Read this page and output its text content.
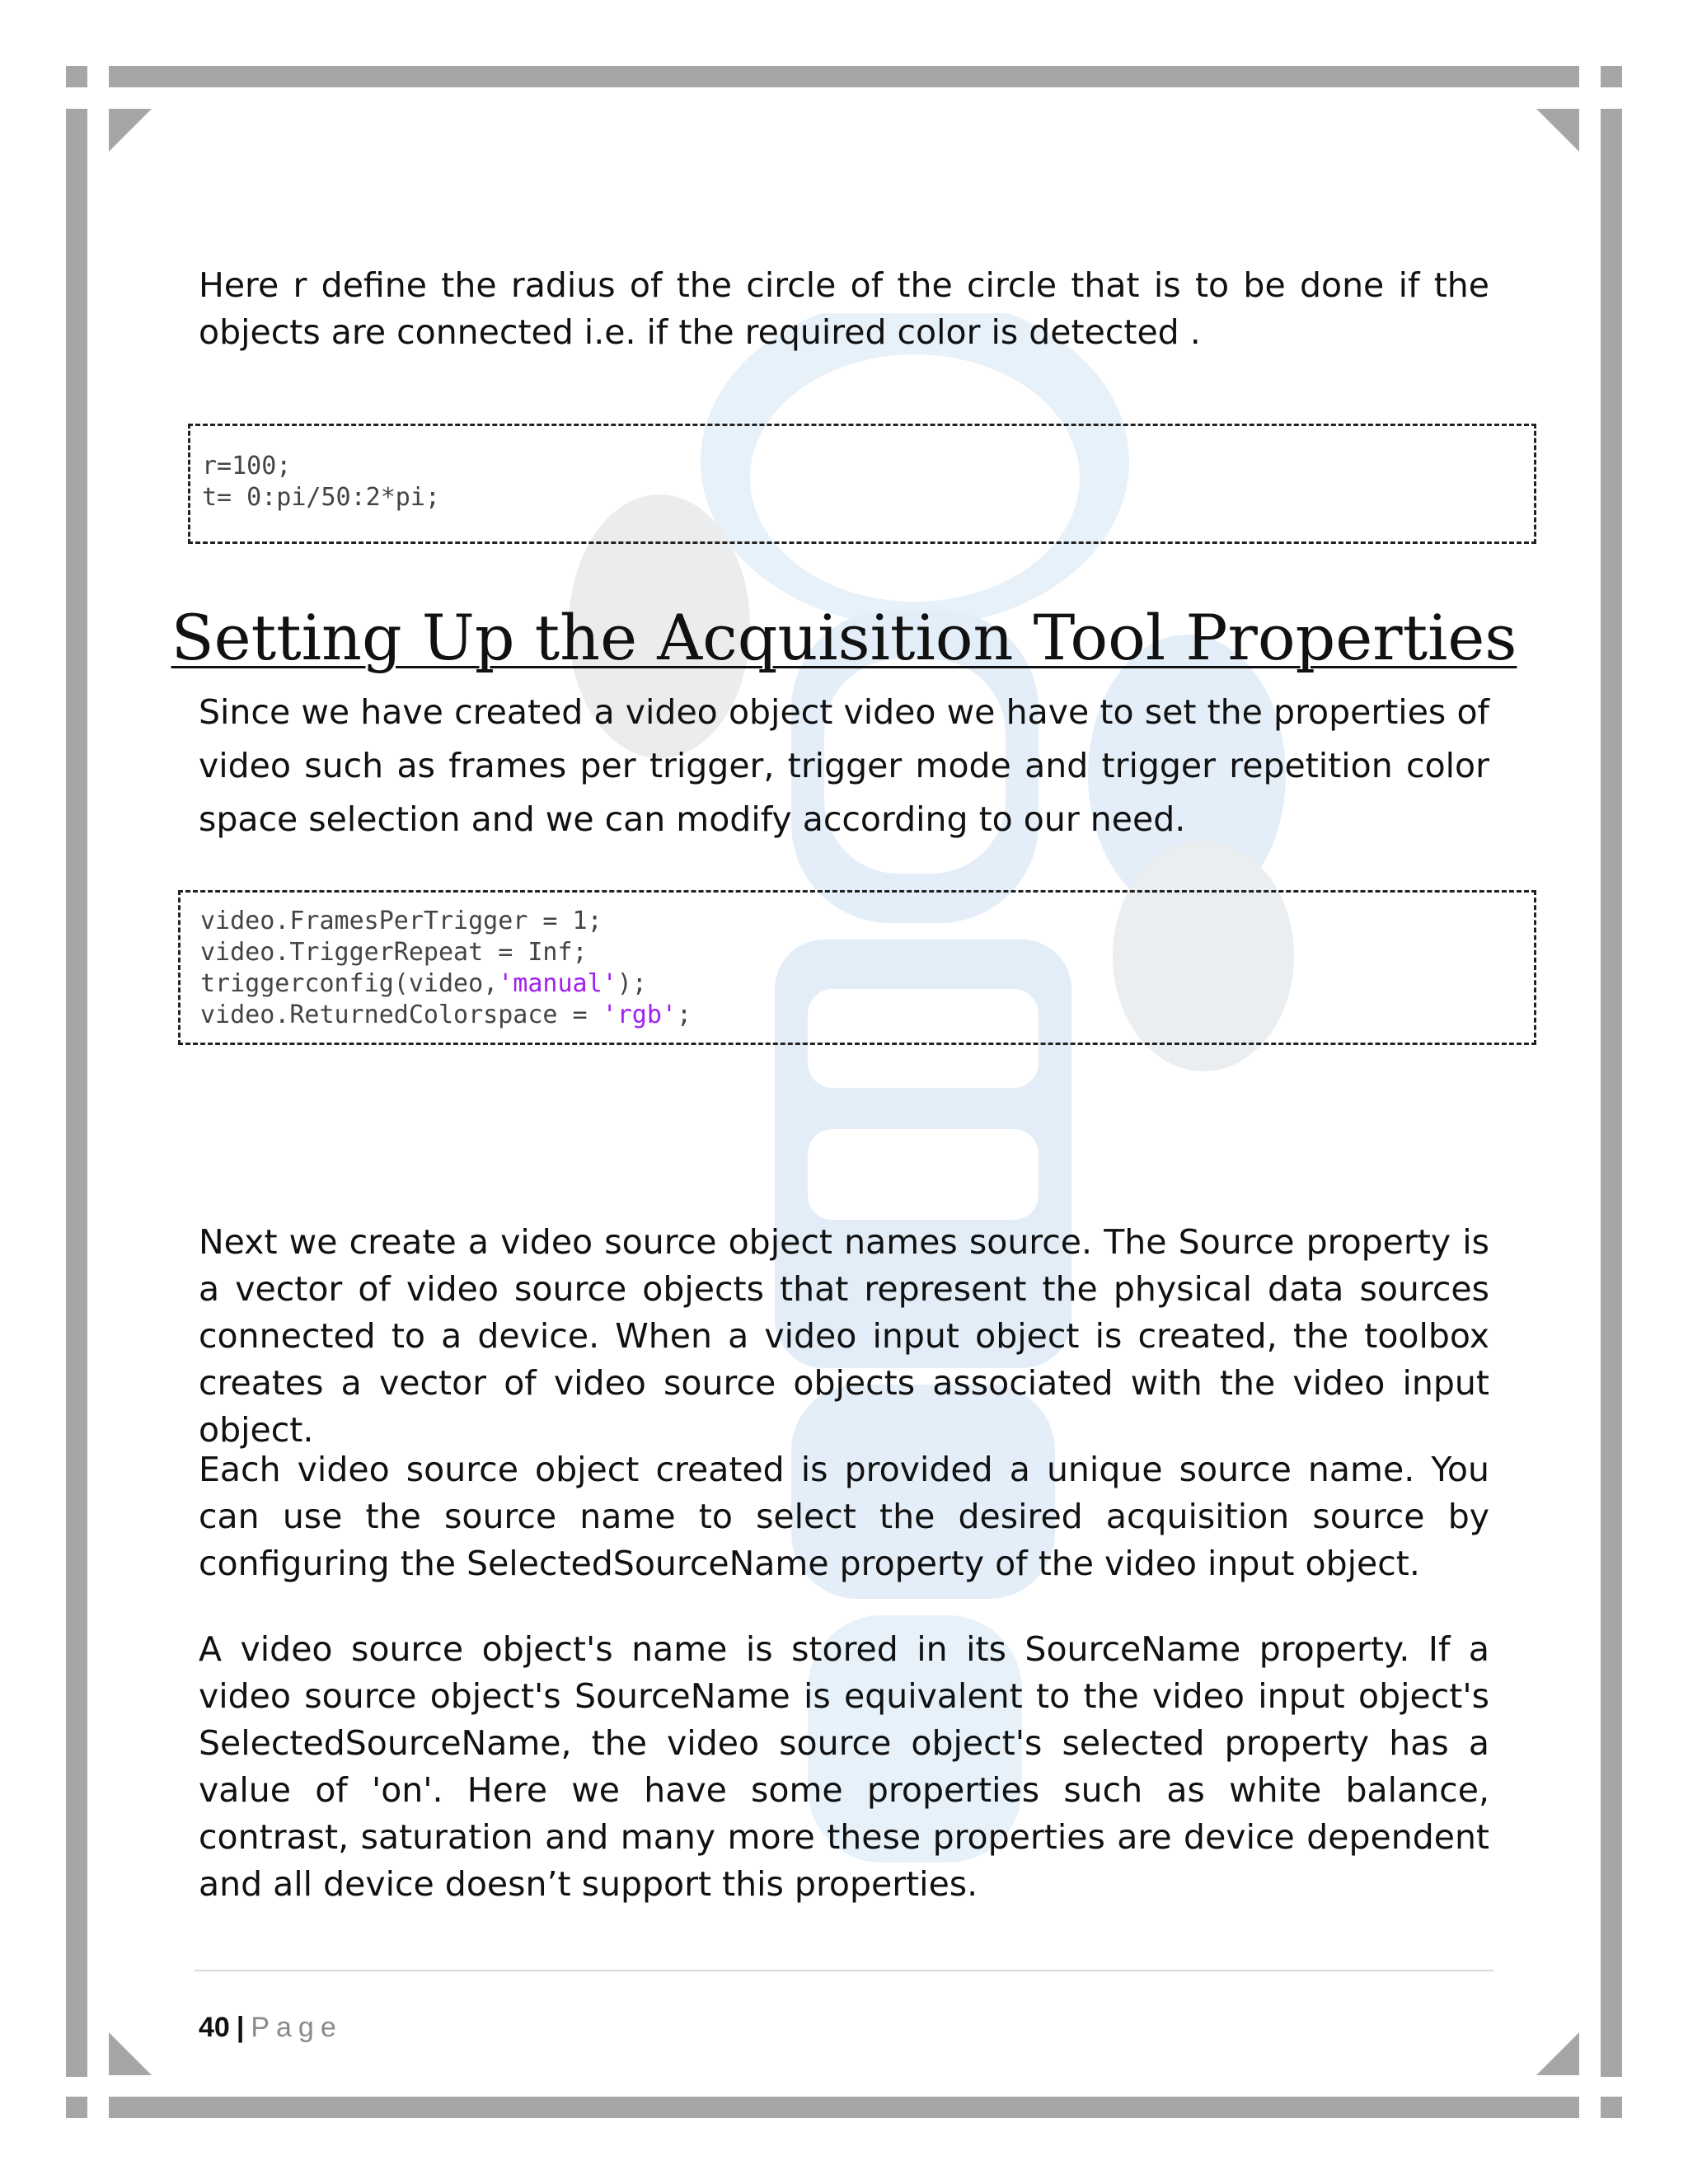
Here r define the radius of the circle of the circle that is to be done if the objects are connected i.e. if the required color is detected .

r=100;
t= 0:pi/50:2*pi;
Setting Up the Acquisition Tool Properties

Since we have created a video object video we have to set the properties of video such as frames per trigger, trigger mode and trigger repetition color space selection and we can modify according to our need.

video.FramesPerTrigger = 1;
video.TriggerRepeat = Inf;
triggerconfig(video,'manual');
video.ReturnedColorspace = 'rgb';

Next we create a video source object names source. The Source property is a vector of video source objects that represent the physical data sources connected to a device. When a video input object is created, the toolbox creates a vector of video source objects associated with the video input object.

Each video source object created is provided a unique source name. You can use the source name to select the desired acquisition source by configuring the SelectedSourceName property of the video input object.

A video source object's name is stored in its SourceName property. If a video source object's SourceName is equivalent to the video input object's SelectedSourceName, the video source object's selected property has a value of 'on'. Here we have some properties such as white balance, contrast, saturation and many more these properties are device dependent and all device doesn’t support this properties.

40 | Page
